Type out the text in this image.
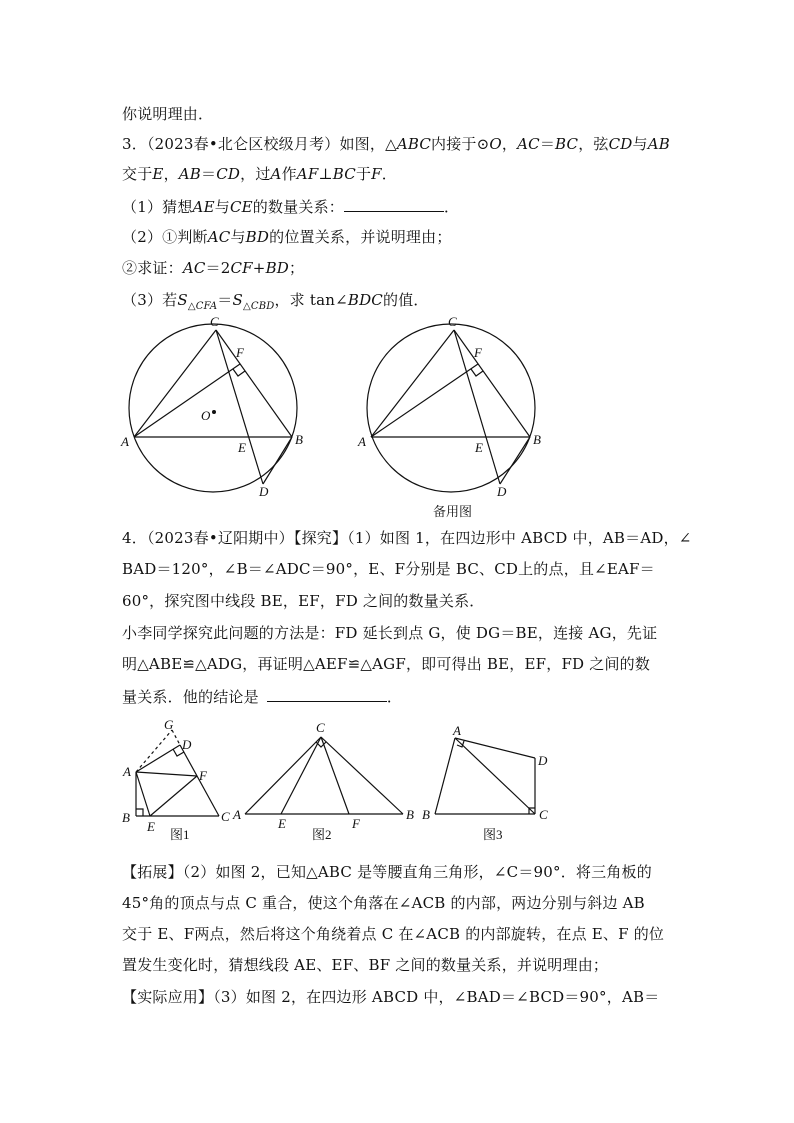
你说明理由．
3．（2023春•北仑区校级月考）如图，△ABC内接于⊙O，AC＝BC，弦CD与AB
交于E，AB＝CD，过A作AF⊥BC于F．
（1）猜想AE与CE的数量关系：	．
（2）①判断AC与BD的位置关系，并说明理由；
②求证：AC＝2CF+BD；
（3）若$S_{\triangle CFA}=S_{\triangle CBD}$，求 tan∠BDC的值．
4．（2023春•辽阳期中）【探究】（1）如图 1，在四边形中 ABCD 中，AB＝AD，∠
BAD＝120°，∠B＝∠ADC＝90°，E、F分别是 BC、CD上的点，且∠EAF＝
60°，探究图中线段 BE，EF，FD 之间的数量关系．
小李同学探究此问题的方法是：FD 延长到点 G，使 DG＝BE，连接 AG，先证
明△ABE≌△ADG，再证明△AEF≌△AGF，即可得出 BE，EF，FD 之间的数
量关系．他的结论是	．
【拓展】（2）如图 2，已知△ABC 是等腰直角三角形，∠C＝90°．将三角板的
45°角的顶点与点 C 重合，使这个角落在∠ACB 的内部，两边分别与斜边 AB
交于 E、F两点，然后将这个角绕着点 C 在∠ACB 的内部旋转，在点 E、F 的位
置发生变化时，猜想线段 AE、EF、BF 之间的数量关系，并说明理由；
【实际应用】（3）如图 2，在四边形 ABCD 中，∠BAD＝∠BCD＝90°，AB＝
C
F
O
A	E
B
D
C
F
A	E
B
D
G
D
A	F
B
E
C
C
A
E	F
B
A
D
B	C
备用图
图1	图2	图3
